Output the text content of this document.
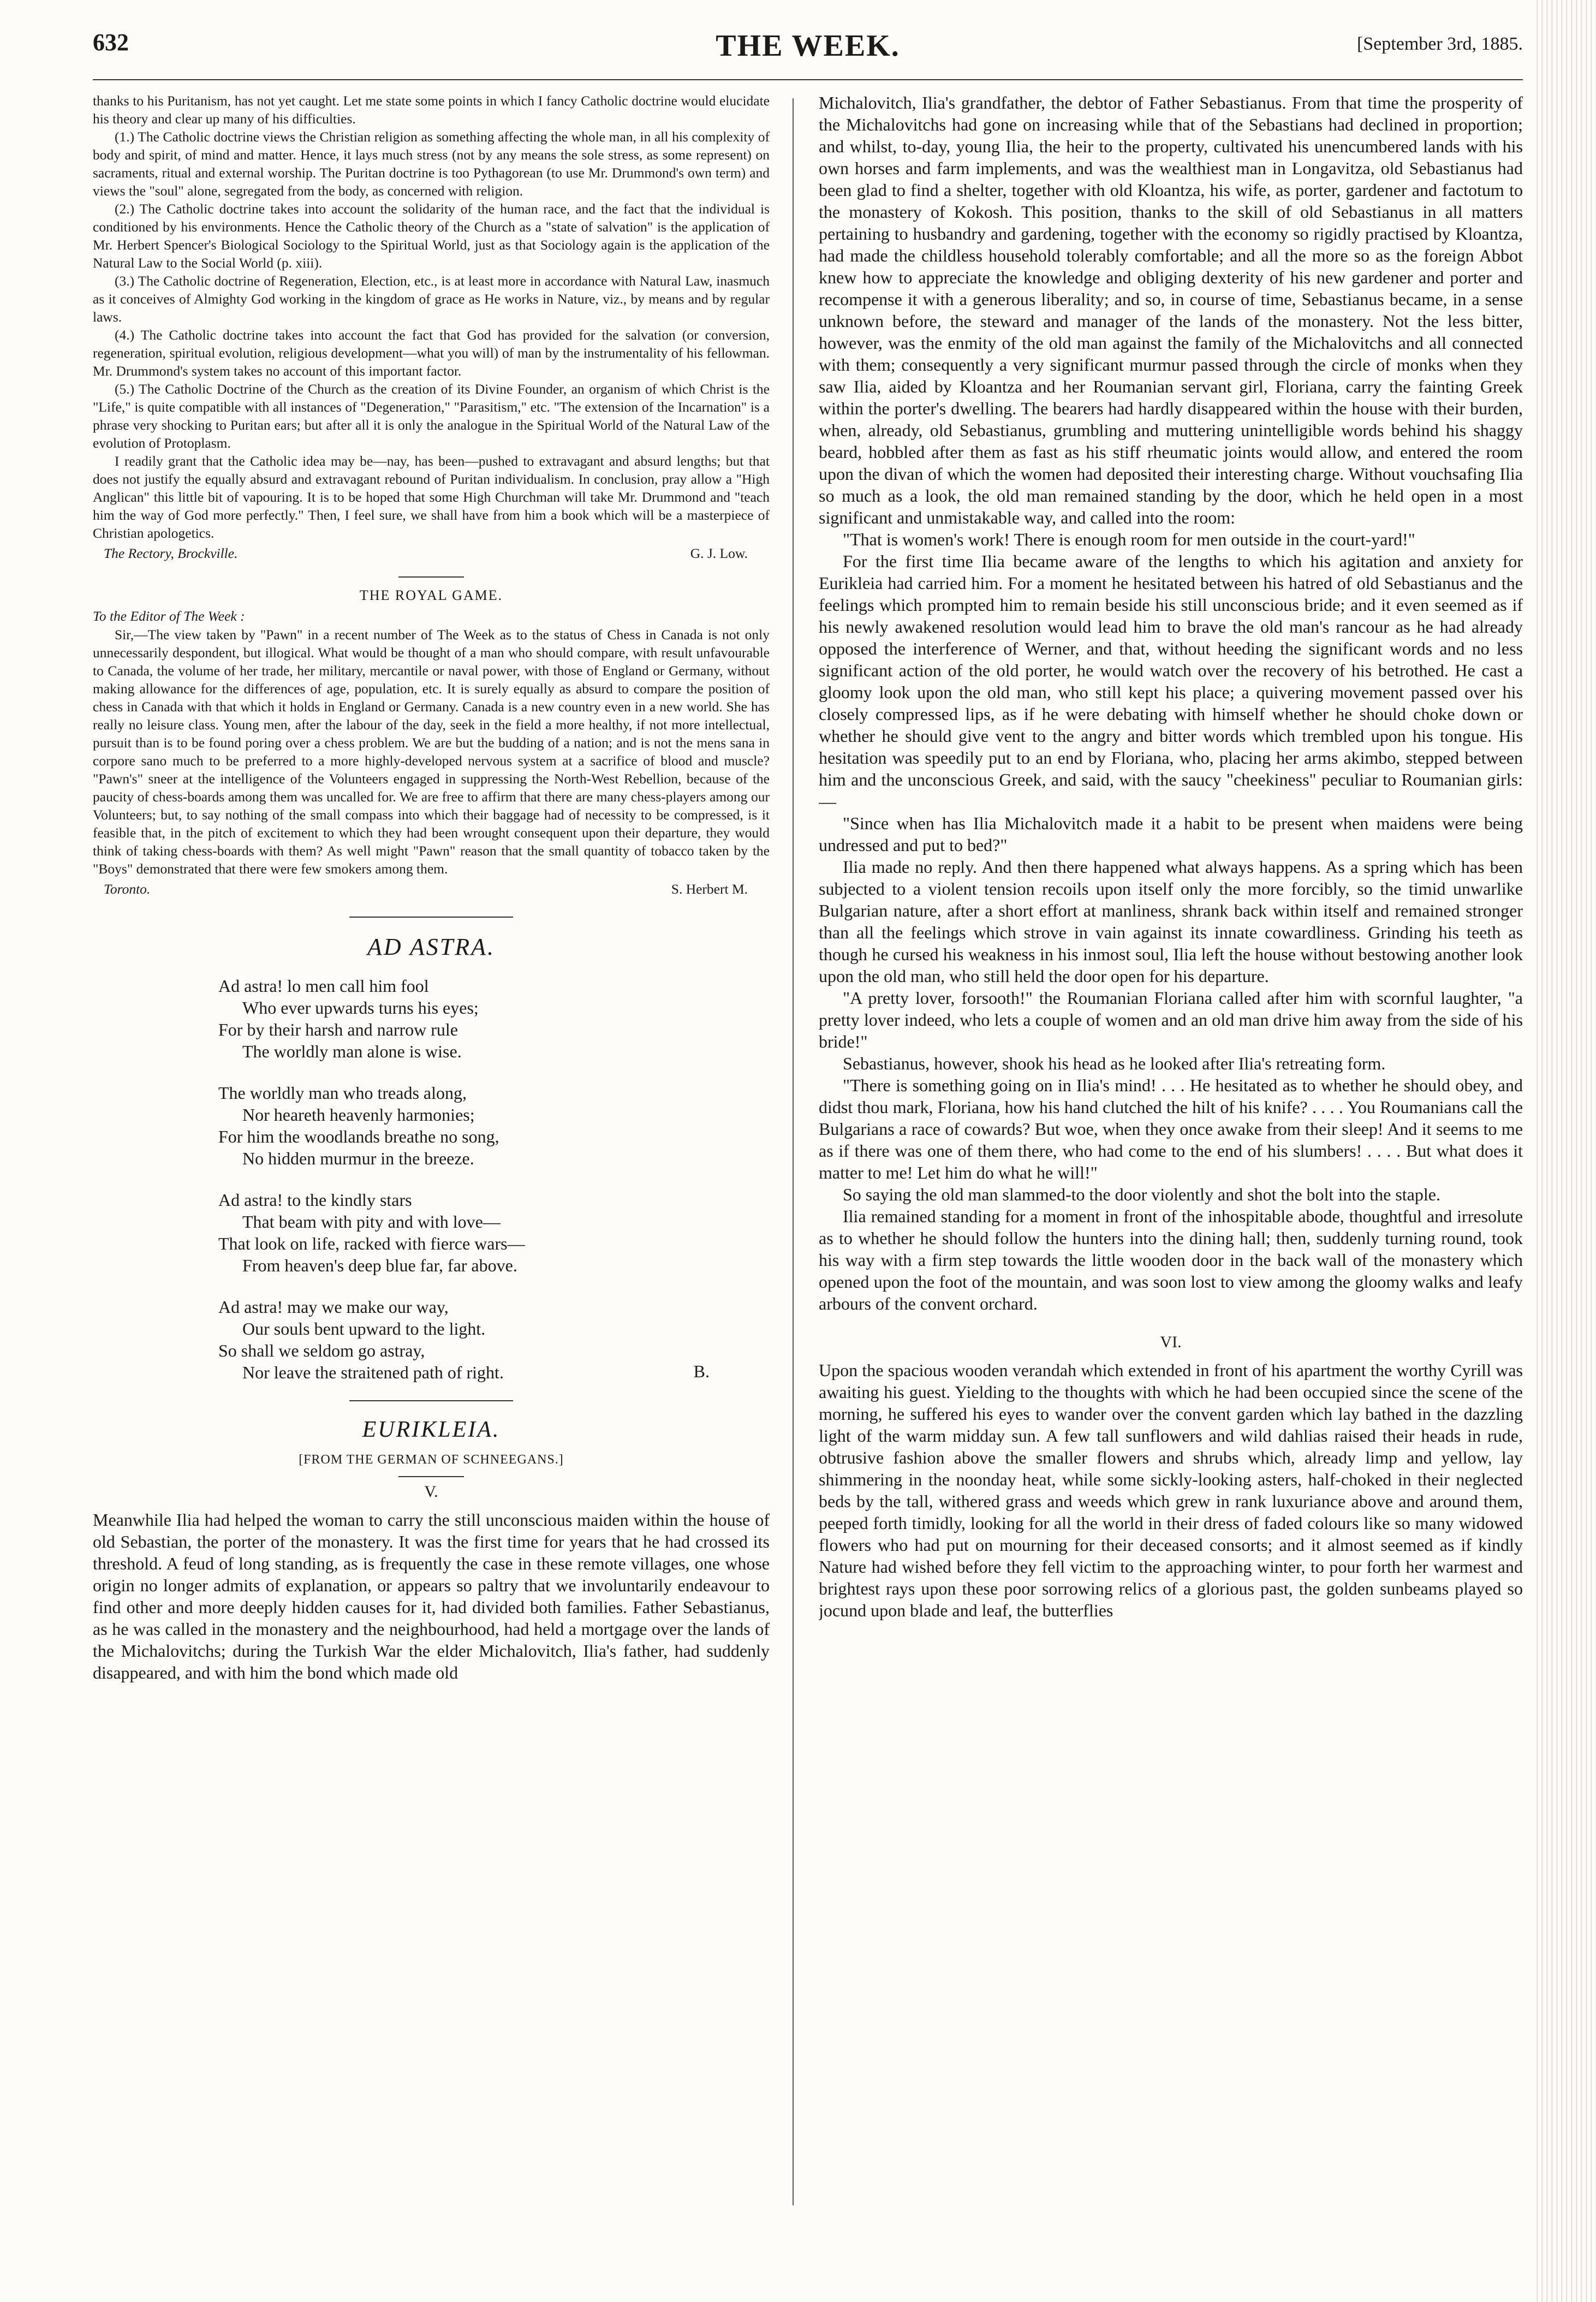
632	THE WEEK.	[September 3rd, 1885.

thanks to his Puritanism, has not yet caught. Let me state some points in which I fancy Catholic doctrine would elucidate his theory and clear up many of his difficulties.

(1.) The Catholic doctrine views the Christian religion as something affecting the whole man, in all his complexity of body and spirit, of mind and matter. Hence, it lays much stress (not by any means the sole stress, as some represent) on sacraments, ritual and external worship. The Puritan doctrine is too Pythagorean (to use Mr. Drummond's own term) and views the "soul" alone, segregated from the body, as concerned with religion.

(2.) The Catholic doctrine takes into account the solidarity of the human race, and the fact that the individual is conditioned by his environments. Hence the Catholic theory of the Church as a "state of salvation" is the application of Mr. Herbert Spencer's Biological Sociology to the Spiritual World, just as that Sociology again is the application of the Natural Law to the Social World (p. xiii).

(3.) The Catholic doctrine of Regeneration, Election, etc., is at least more in accordance with Natural Law, inasmuch as it conceives of Almighty God working in the kingdom of grace as He works in Nature, viz., by means and by regular laws.

(4.) The Catholic doctrine takes into account the fact that God has provided for the salvation (or conversion, regeneration, spiritual evolution, religious development—what you will) of man by the instrumentality of his fellowman. Mr. Drummond's system takes no account of this important factor.

(5.) The Catholic Doctrine of the Church as the creation of its Divine Founder, an organism of which Christ is the "Life," is quite compatible with all instances of "Degeneration," "Parasitism," etc. "The extension of the Incarnation" is a phrase very shocking to Puritan ears; but after all it is only the analogue in the Spiritual World of the Natural Law of the evolution of Protoplasm.

I readily grant that the Catholic idea may be—nay, has been—pushed to extravagant and absurd lengths; but that does not justify the equally absurd and extravagant rebound of Puritan individualism. In conclusion, pray allow a "High Anglican" this little bit of vapouring. It is to be hoped that some High Churchman will take Mr. Drummond and "teach him the way of God more perfectly." Then, I feel sure, we shall have from him a book which will be a masterpiece of Christian apologetics.

The Rectory, Brockville.	G. J. Low.

THE ROYAL GAME.

To the Editor of The Week :

Sir,—The view taken by "Pawn" in a recent number of The Week as to the status of Chess in Canada is not only unnecessarily despondent, but illogical. What would be thought of a man who should compare, with result unfavourable to Canada, the volume of her trade, her military, mercantile or naval power, with those of England or Germany, without making allowance for the differences of age, population, etc. It is surely equally as absurd to compare the position of chess in Canada with that which it holds in England or Germany. Canada is a new country even in a new world. She has really no leisure class. Young men, after the labour of the day, seek in the field a more healthy, if not more intellectual, pursuit than is to be found poring over a chess problem. We are but the budding of a nation; and is not the mens sana in corpore sano much to be preferred to a more highly-developed nervous system at a sacrifice of blood and muscle? "Pawn's" sneer at the intelligence of the Volunteers engaged in suppressing the North-West Rebellion, because of the paucity of chess-boards among them was uncalled for. We are free to affirm that there are many chess-players among our Volunteers; but, to say nothing of the small compass into which their baggage had of necessity to be compressed, is it feasible that, in the pitch of excitement to which they had been wrought consequent upon their departure, they would think of taking chess-boards with them? As well might "Pawn" reason that the small quantity of tobacco taken by the "Boys" demonstrated that there were few smokers among them.

Toronto.	S. Herbert M.

AD ASTRA.

Ad astra! lo men call him fool
Who ever upwards turns his eyes;
For by their harsh and narrow rule
The worldly man alone is wise.
The worldly man who treads along,
Nor heareth heavenly harmonies;
For him the woodlands breathe no song,
No hidden murmur in the breeze.
Ad astra! to the kindly stars
That beam with pity and with love—
That look on life, racked with fierce wars—
From heaven's deep blue far, far above.
Ad astra! may we make our way,
Our souls bent upward to the light.
So shall we seldom go astray,
Nor leave the straitened path of right.	B.

EURIKLEIA.

[FROM THE GERMAN OF SCHNEEGANS.]

V.

Meanwhile Ilia had helped the woman to carry the still unconscious maiden within the house of old Sebastian, the porter of the monastery. It was the first time for years that he had crossed its threshold. A feud of long standing, as is frequently the case in these remote villages, one whose origin no longer admits of explanation, or appears so paltry that we involuntarily endeavour to find other and more deeply hidden causes for it, had divided both families. Father Sebastianus, as he was called in the monastery and the neighbourhood, had held a mortgage over the lands of the Michalovitchs; during the Turkish War the elder Michalovitch, Ilia's father, had suddenly disappeared, and with him the bond which made old

Michalovitch, Ilia's grandfather, the debtor of Father Sebastianus. From that time the prosperity of the Michalovitchs had gone on increasing while that of the Sebastians had declined in proportion; and whilst, to-day, young Ilia, the heir to the property, cultivated his unencumbered lands with his own horses and farm implements, and was the wealthiest man in Longavitza, old Sebastianus had been glad to find a shelter, together with old Kloantza, his wife, as porter, gardener and factotum to the monastery of Kokosh. This position, thanks to the skill of old Sebastianus in all matters pertaining to husbandry and gardening, together with the economy so rigidly practised by Kloantza, had made the childless household tolerably comfortable; and all the more so as the foreign Abbot knew how to appreciate the knowledge and obliging dexterity of his new gardener and porter and recompense it with a generous liberality; and so, in course of time, Sebastianus became, in a sense unknown before, the steward and manager of the lands of the monastery. Not the less bitter, however, was the enmity of the old man against the family of the Michalovitchs and all connected with them; consequently a very significant murmur passed through the circle of monks when they saw Ilia, aided by Kloantza and her Roumanian servant girl, Floriana, carry the fainting Greek within the porter's dwelling. The bearers had hardly disappeared within the house with their burden, when, already, old Sebastianus, grumbling and muttering unintelligible words behind his shaggy beard, hobbled after them as fast as his stiff rheumatic joints would allow, and entered the room upon the divan of which the women had deposited their interesting charge. Without vouchsafing Ilia so much as a look, the old man remained standing by the door, which he held open in a most significant and unmistakable way, and called into the room:

"That is women's work! There is enough room for men outside in the court-yard!"

For the first time Ilia became aware of the lengths to which his agitation and anxiety for Eurikleia had carried him. For a moment he hesitated between his hatred of old Sebastianus and the feelings which prompted him to remain beside his still unconscious bride; and it even seemed as if his newly awakened resolution would lead him to brave the old man's rancour as he had already opposed the interference of Werner, and that, without heeding the significant words and no less significant action of the old porter, he would watch over the recovery of his betrothed. He cast a gloomy look upon the old man, who still kept his place; a quivering movement passed over his closely compressed lips, as if he were debating with himself whether he should choke down or whether he should give vent to the angry and bitter words which trembled upon his tongue. His hesitation was speedily put to an end by Floriana, who, placing her arms akimbo, stepped between him and the unconscious Greek, and said, with the saucy "cheekiness" peculiar to Roumanian girls:—

"Since when has Ilia Michalovitch made it a habit to be present when maidens were being undressed and put to bed?"

Ilia made no reply. And then there happened what always happens. As a spring which has been subjected to a violent tension recoils upon itself only the more forcibly, so the timid unwarlike Bulgarian nature, after a short effort at manliness, shrank back within itself and remained stronger than all the feelings which strove in vain against its innate cowardliness. Grinding his teeth as though he cursed his weakness in his inmost soul, Ilia left the house without bestowing another look upon the old man, who still held the door open for his departure.

"A pretty lover, forsooth!" the Roumanian Floriana called after him with scornful laughter, "a pretty lover indeed, who lets a couple of women and an old man drive him away from the side of his bride!"

Sebastianus, however, shook his head as he looked after Ilia's retreating form.

"There is something going on in Ilia's mind! . . . He hesitated as to whether he should obey, and didst thou mark, Floriana, how his hand clutched the hilt of his knife? . . . . You Roumanians call the Bulgarians a race of cowards? But woe, when they once awake from their sleep! And it seems to me as if there was one of them there, who had come to the end of his slumbers! . . . . But what does it matter to me! Let him do what he will!"

So saying the old man slammed-to the door violently and shot the bolt into the staple.

Ilia remained standing for a moment in front of the inhospitable abode, thoughtful and irresolute as to whether he should follow the hunters into the dining hall; then, suddenly turning round, took his way with a firm step towards the little wooden door in the back wall of the monastery which opened upon the foot of the mountain, and was soon lost to view among the gloomy walks and leafy arbours of the convent orchard.

VI.

Upon the spacious wooden verandah which extended in front of his apartment the worthy Cyrill was awaiting his guest. Yielding to the thoughts with which he had been occupied since the scene of the morning, he suffered his eyes to wander over the convent garden which lay bathed in the dazzling light of the warm midday sun. A few tall sunflowers and wild dahlias raised their heads in rude, obtrusive fashion above the smaller flowers and shrubs which, already limp and yellow, lay shimmering in the noonday heat, while some sickly-looking asters, half-choked in their neglected beds by the tall, withered grass and weeds which grew in rank luxuriance above and around them, peeped forth timidly, looking for all the world in their dress of faded colours like so many widowed flowers who had put on mourning for their deceased consorts; and it almost seemed as if kindly Nature had wished before they fell victim to the approaching winter, to pour forth her warmest and brightest rays upon these poor sorrowing relics of a glorious past, the golden sunbeams played so jocund upon blade and leaf, the butterflies
